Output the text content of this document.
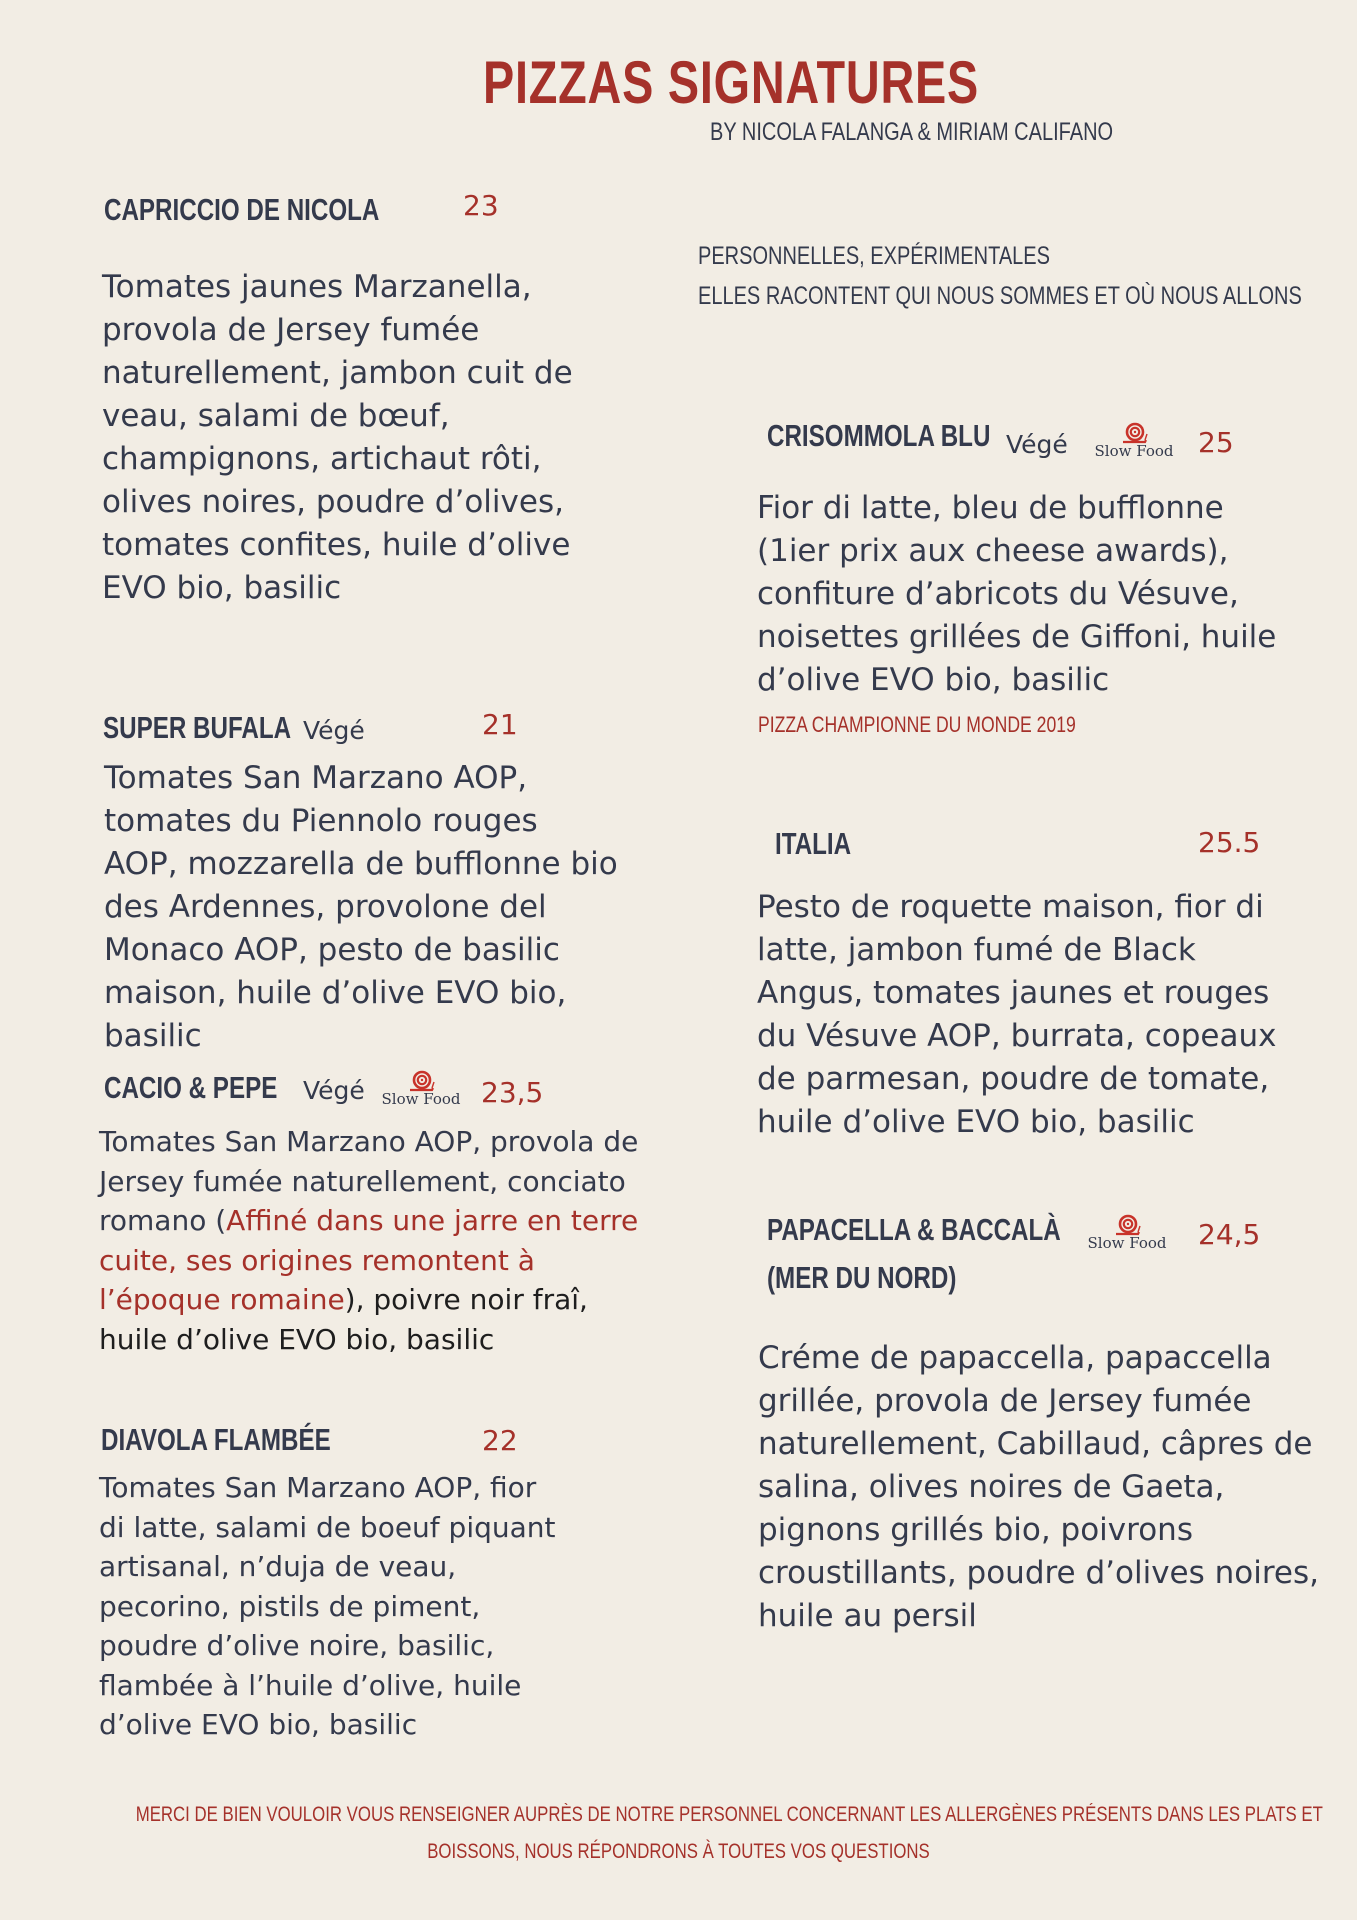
PIZZAS SIGNATURES
BY NICOLA FALANGA & MIRIAM CALIFANO
PERSONNELLES, EXPÉRIMENTALES
ELLES RACONTENT QUI NOUS SOMMES ET OÙ NOUS ALLONS
CAPRICCIO DE NICOLA	23
Tomates jaunes Marzanella,
provola de Jersey fumée
naturellement, jambon cuit de
veau, salami de bœuf,
champignons, artichaut rôti,
olives noires, poudre d’olives,
tomates confites, huile d’olive
EVO bio, basilic
SUPER BUFALA Végé	21
Tomates San Marzano AOP,
tomates du Piennolo rouges
AOP, mozzarella de bufflonne bio
des Ardennes, provolone del
Monaco AOP, pesto de basilic
maison, huile d’olive EVO bio,
basilic
CACIO & PEPE Végé Slow Food 23,5
Tomates San Marzano AOP, provola de
Jersey fumée naturellement, conciato
romano (Affiné dans une jarre en terre
cuite, ses origines remontent à
l’époque romaine), poivre noir fraî,
huile d’olive EVO bio, basilic
DIAVOLA FLAMBÉE	22
Tomates San Marzano AOP, fior
di latte, salami de boeuf piquant
artisanal, n’duja de veau,
pecorino, pistils de piment,
poudre d’olive noire, basilic,
flambée à l’huile d’olive, huile
d’olive EVO bio, basilic
CRISOMMOLA BLU Végé Slow Food 25
Fior di latte, bleu de bufflonne
(1ier prix aux cheese awards),
confiture d’abricots du Vésuve,
noisettes grillées de Giffoni, huile
d’olive EVO bio, basilic
PIZZA CHAMPIONNE DU MONDE 2019
ITALIA	25.5
Pesto de roquette maison, fior di
latte, jambon fumé de Black
Angus, tomates jaunes et rouges
du Vésuve AOP, burrata, copeaux
de parmesan, poudre de tomate,
huile d’olive EVO bio, basilic
PAPACELLA & BACCALÀ
(MER DU NORD)
Slow Food 24,5
Créme de papaccella, papaccella
grillée, provola de Jersey fumée
naturellement, Cabillaud, câpres de
salina, olives noires de Gaeta,
pignons grillés bio, poivrons
croustillants, poudre d’olives noires,
huile au persil
MERCI DE BIEN VOULOIR VOUS RENSEIGNER AUPRÈS DE NOTRE PERSONNEL CONCERNANT LES ALLERGÈNES PRÉSENTS DANS LES PLATS ET
BOISSONS, NOUS RÉPONDRONS À TOUTES VOS QUESTIONS
